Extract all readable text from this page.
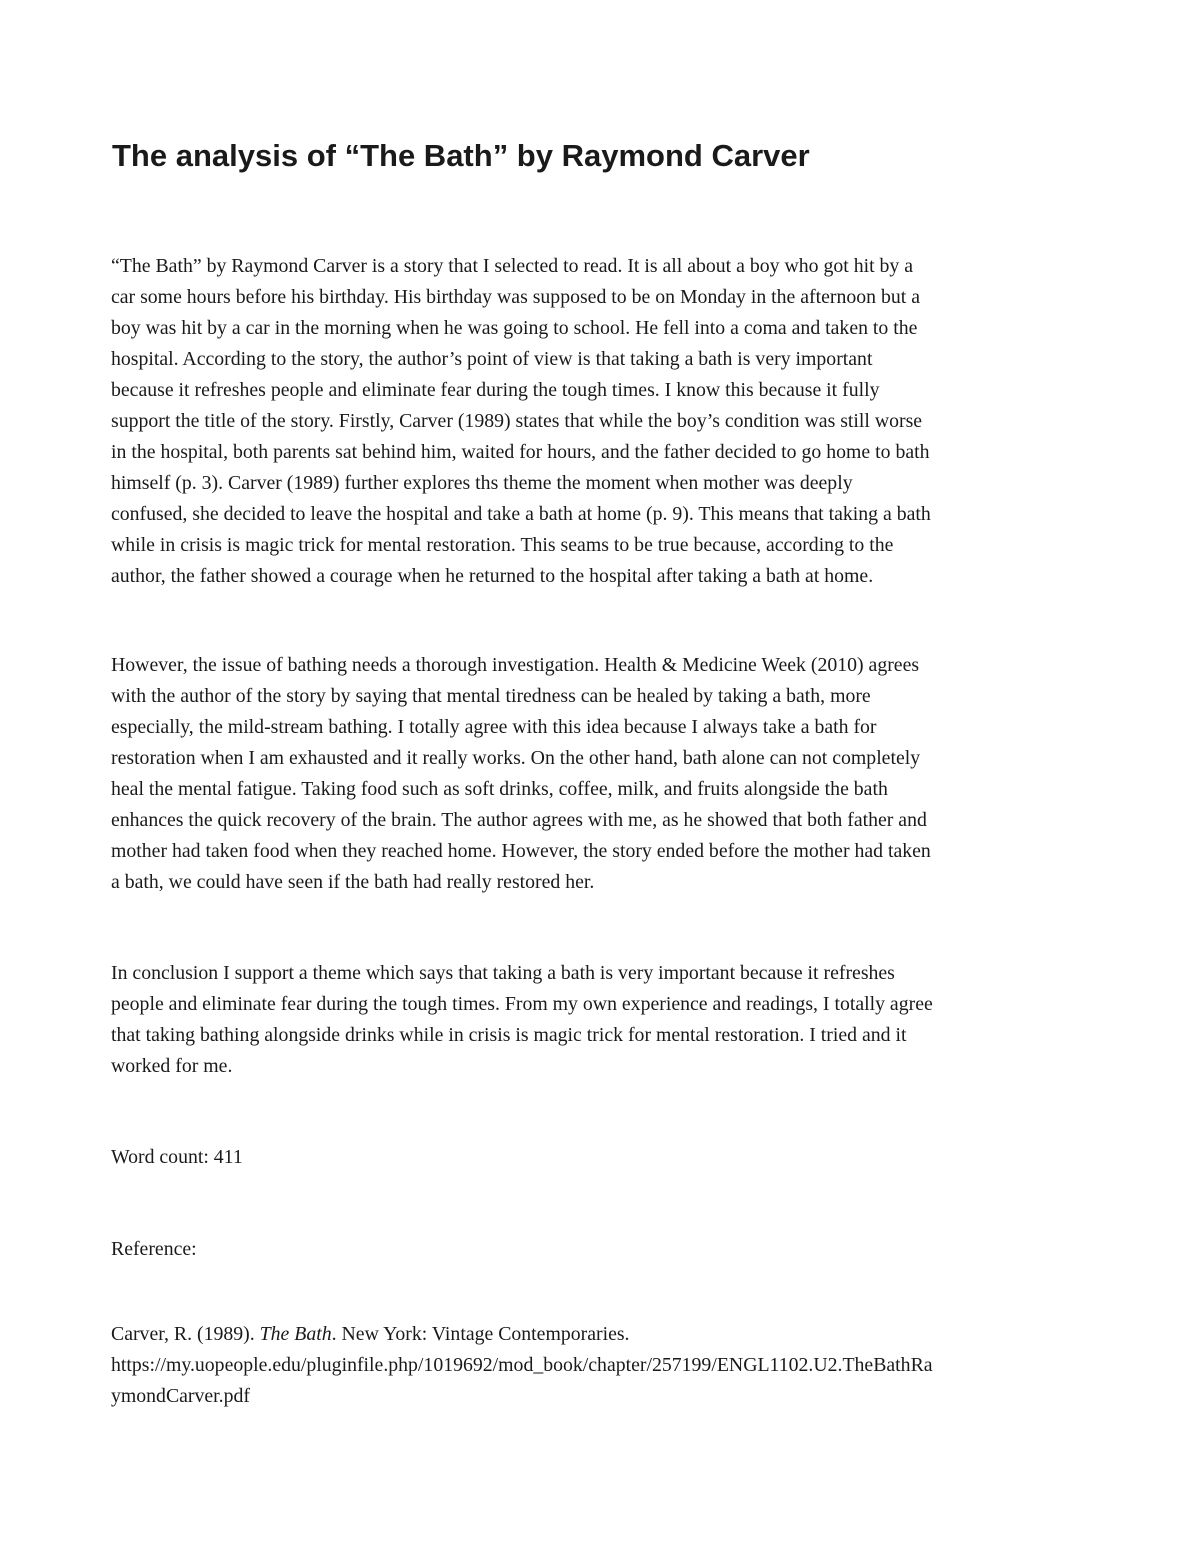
The analysis of “The Bath” by Raymond Carver
“The Bath” by Raymond Carver is a story that I selected to read. It is all about a boy who got hit by a
car some hours before his birthday. His birthday was supposed to be on Monday in the afternoon but a
boy was hit by a car in the morning when he was going to school. He fell into a coma and taken to the
hospital. According to the story, the author’s point of view is that taking a bath is very important
because it refreshes people and eliminate fear during the tough times. I know this because it fully
support the title of the story. Firstly, Carver (1989) states that while the boy’s condition was still worse
in the hospital, both parents sat behind him, waited for hours, and the father decided to go home to bath
himself (p. 3). Carver (1989) further explores ths theme the moment when mother was deeply
confused, she decided to leave the hospital and take a bath at home (p. 9). This means that taking a bath
while in crisis is magic trick for mental restoration. This seams to be true because, according to the
author, the father showed a courage when he returned to the hospital after taking a bath at home.
However, the issue of bathing needs a thorough investigation. Health & Medicine Week (2010) agrees
with the author of the story by saying that mental tiredness can be healed by taking a bath, more
especially, the mild-stream bathing. I totally agree with this idea because I always take a bath for
restoration when I am exhausted and it really works. On the other hand, bath alone can not completely
heal the mental fatigue. Taking food such as soft drinks, coffee, milk, and fruits alongside the bath
enhances the quick recovery of the brain. The author agrees with me, as he showed that both father and
mother had taken food when they reached home. However, the story ended before the mother had taken
a bath, we could have seen if the bath had really restored her.
In conclusion I support a theme which says that taking a bath is very important because it refreshes
people and eliminate fear during the tough times. From my own experience and readings, I totally agree
that taking bathing alongside drinks while in crisis is magic trick for mental restoration. I tried and it
worked for me.

Word count: 411

Reference:

Carver, R. (1989). The Bath. New York: Vintage Contemporaries.
https://my.uopeople.edu/pluginfile.php/1019692/mod_book/chapter/257199/ENGL1102.U2.TheBathRa
ymondCarver.pdf
